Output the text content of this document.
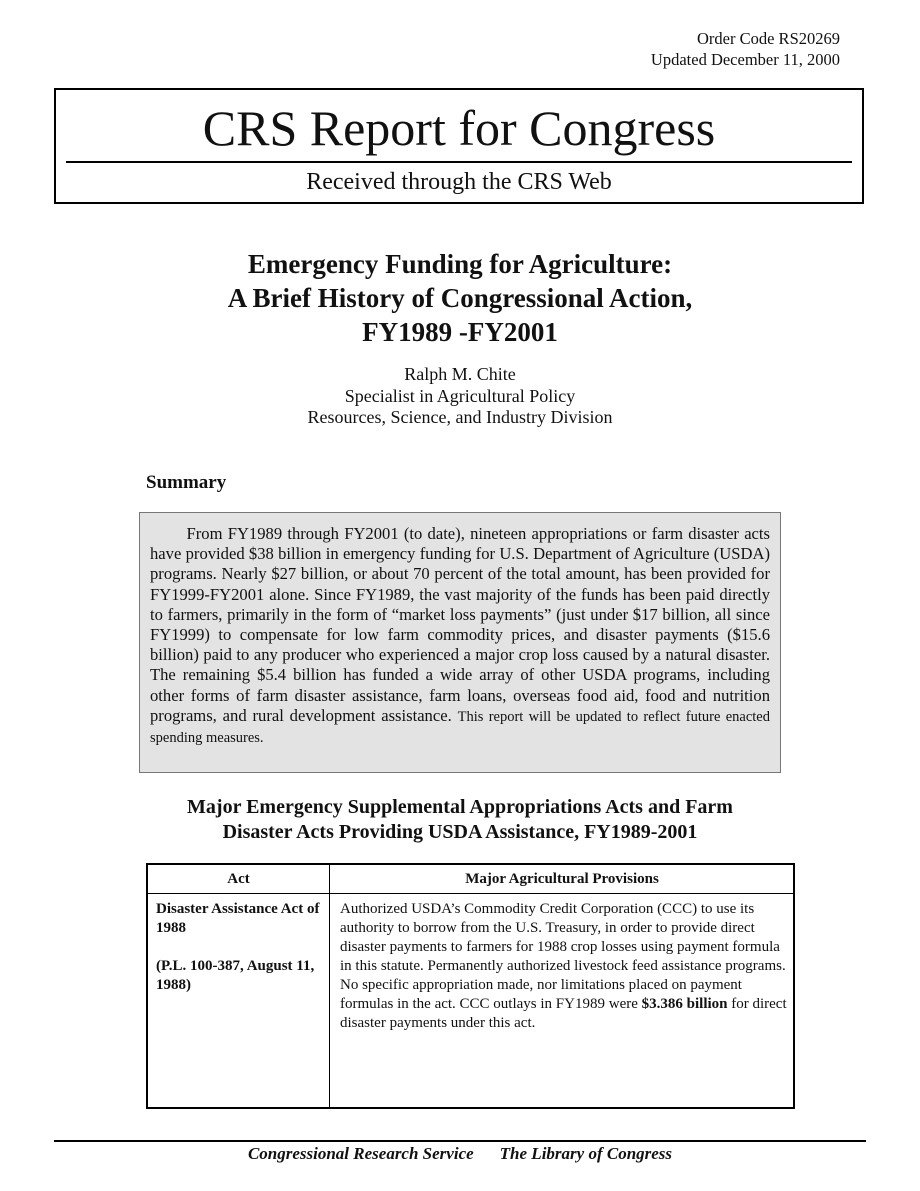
Order Code RS20269
Updated December 11, 2000
CRS Report for Congress
Received through the CRS Web
Emergency Funding for Agriculture:
A Brief History of Congressional Action,
FY1989 -FY2001
Ralph M. Chite
Specialist in Agricultural Policy
Resources, Science, and Industry Division
Summary

From FY1989 through FY2001 (to date), nineteen appropriations or farm disaster acts have provided $38 billion in emergency funding for U.S. Department of Agriculture (USDA) programs. Nearly $27 billion, or about 70 percent of the total amount, has been provided for FY1999-FY2001 alone. Since FY1989, the vast majority of the funds has been paid directly to farmers, primarily in the form of “market loss payments” (just under $17 billion, all since FY1999) to compensate for low farm commodity prices, and disaster payments ($15.6 billion) paid to any producer who experienced a major crop loss caused by a natural disaster. The remaining $5.4 billion has funded a wide array of other USDA programs, including other forms of farm disaster assistance, farm loans, overseas food aid, food and nutrition programs, and rural development assistance. This report will be updated to reflect future enacted spending measures.

Major Emergency Supplemental Appropriations Acts and Farm
Disaster Acts Providing USDA Assistance, FY1989-2001
Act	Major Agricultural Provisions

Disaster Assistance Act of 1988

(P.L. 100-387, August 11, 1988)

Authorized USDA’s Commodity Credit Corporation (CCC) to use its authority to borrow from the U.S. Treasury, in order to provide direct disaster payments to farmers for 1988 crop losses using payment formula in this statute. Permanently authorized livestock feed assistance programs. No specific appropriation made, nor limitations placed on payment formulas in the act. CCC outlays in FY1989 were $3.386 billion for direct disaster payments under this act.

Congressional Research Service The Library of Congress
